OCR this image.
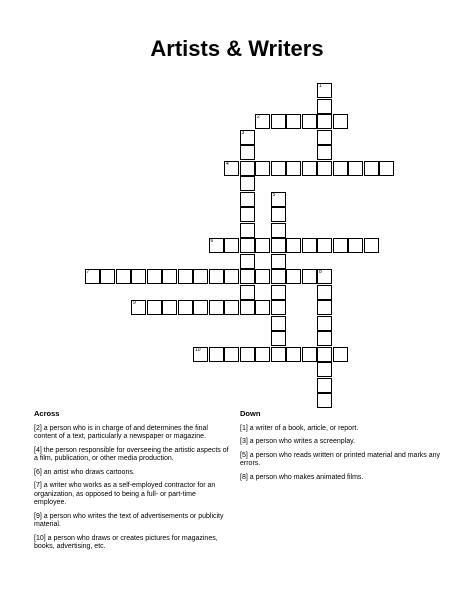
Artists & Writers
1
2
3
4
5
6
7	8
9
10
Across
[2] a person who is in charge of and determines the final content of a text, particularly a newspaper or magazine.
[4] the person responsible for overseeing the artistic aspects of a film, publication, or other media production.
[6] an artist who draws cartoons.
[7] a writer who works as a self-employed contractor for an organization, as opposed to being a full- or part-time employee.
[9] a person who writes the text of advertisements or publicity material.
[10] a person who draws or creates pictures for magazines, books, advertising, etc.
Down
[1] a writer of a book, article, or report.
[3] a person who writes a screenplay.
[5] a person who reads written or printed material and marks any errors.
[8] a person who makes animated films.
